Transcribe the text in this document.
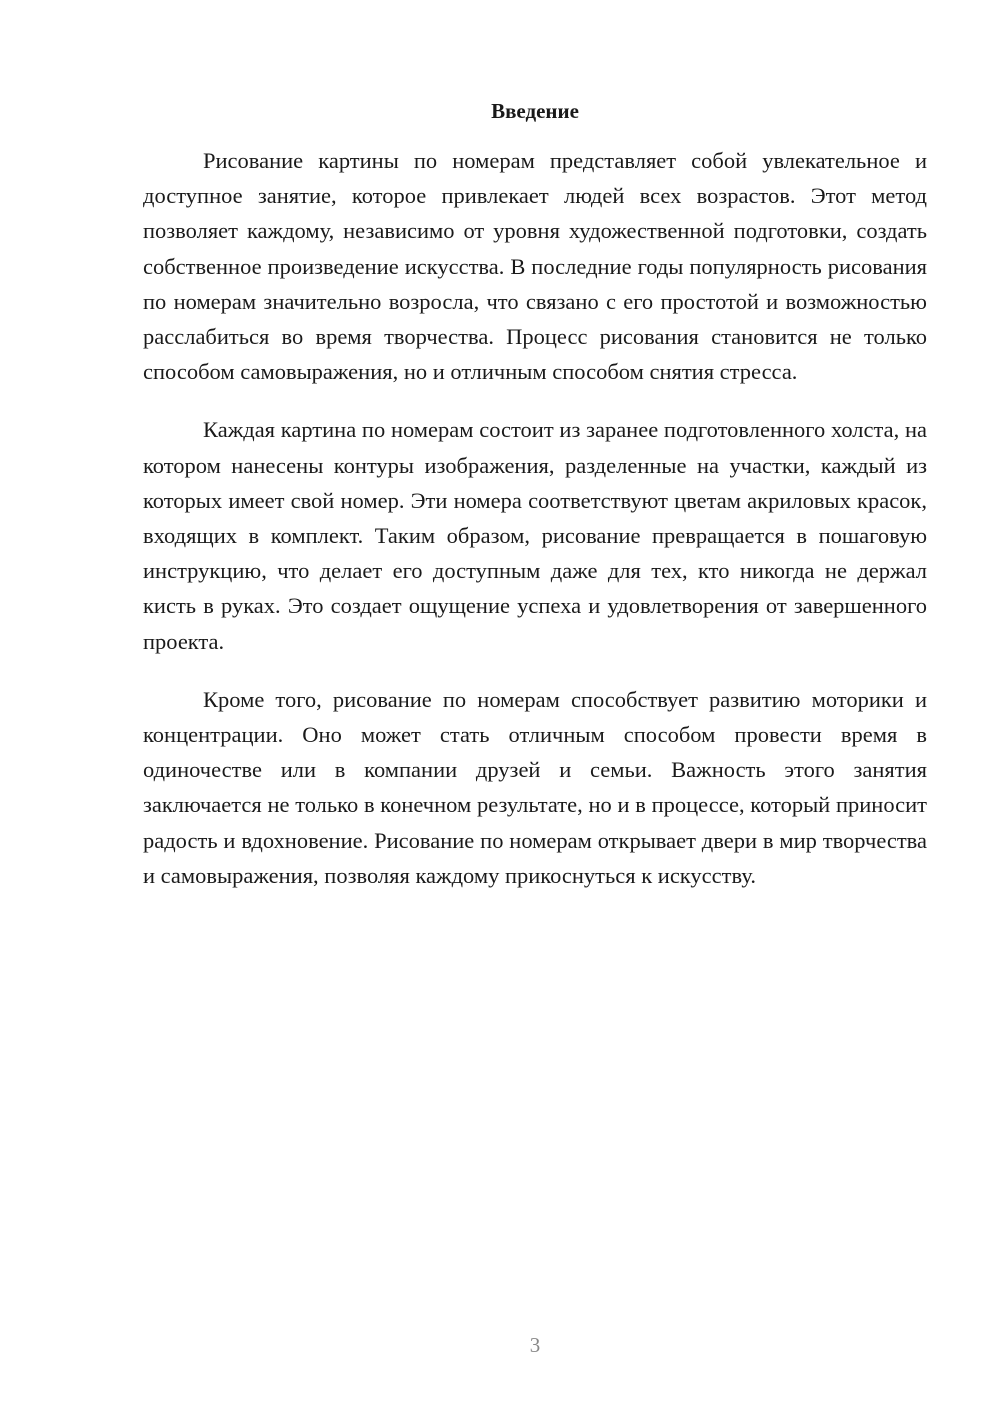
Введение

Рисование картины по номерам представляет собой увлекательное и доступное занятие, которое привлекает людей всех возрастов. Этот метод позволяет каждому, независимо от уровня художественной подготовки, создать собственное произведение искусства. В последние годы популярность рисования по номерам значительно возросла, что связано с его простотой и возможностью расслабиться во время творчества. Процесс рисования становится не только способом самовыражения, но и отличным способом снятия стресса.

Каждая картина по номерам состоит из заранее подготовленного холста, на котором нанесены контуры изображения, разделенные на участки, каждый из которых имеет свой номер. Эти номера соответствуют цветам акриловых красок, входящих в комплект. Таким образом, рисование превращается в пошаговую инструкцию, что делает его доступным даже для тех, кто никогда не держал кисть в руках. Это создает ощущение успеха и удовлетворения от завершенного проекта.

Кроме того, рисование по номерам способствует развитию моторики и концентрации. Оно может стать отличным способом провести время в одиночестве или в компании друзей и семьи. Важность этого занятия заключается не только в конечном результате, но и в процессе, который приносит радость и вдохновение. Рисование по номерам открывает двери в мир творчества и самовыражения, позволяя каждому прикоснуться к искусству.

3
